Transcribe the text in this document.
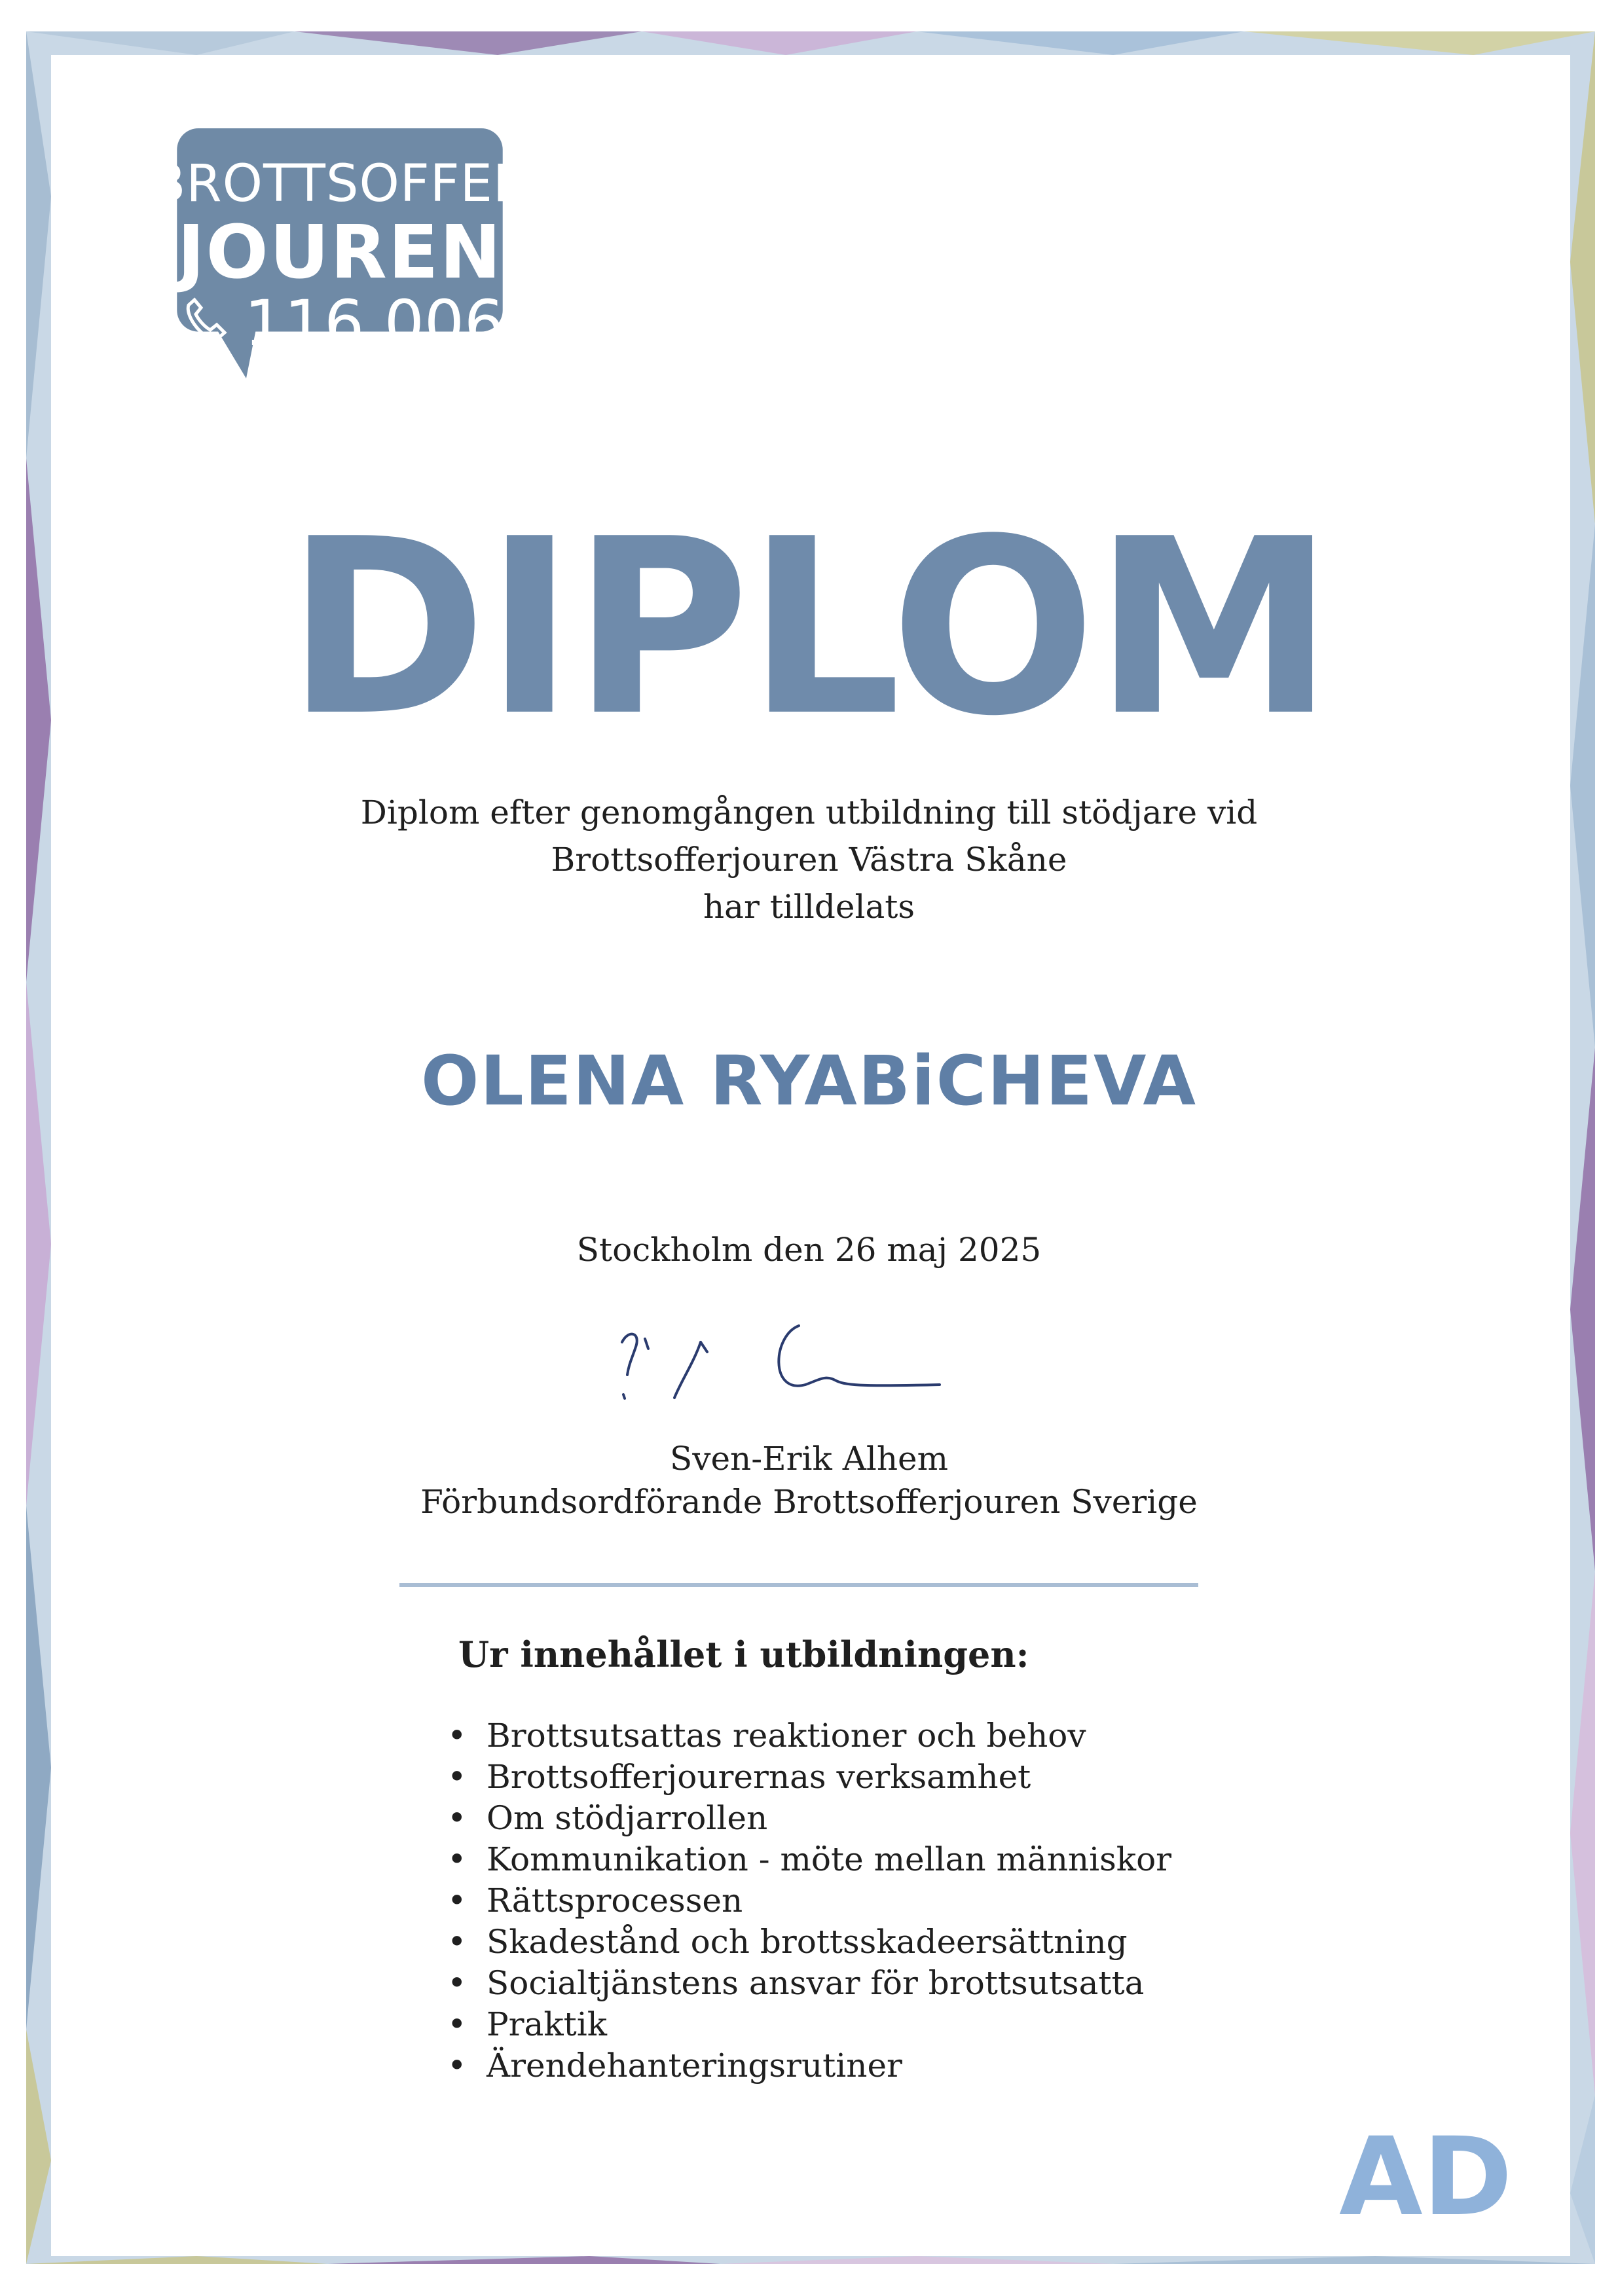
BROTTSOFFER
JOUREN
116 006
DIPLOM
Diplom efter genomgången utbildning till stödjare vid
Brottsofferjouren Västra Skåne
har tilldelats
OLENA RYABiCHEVA
Stockholm den 26 maj 2025
Sven-Erik Alhem
Förbundsordförande Brottsofferjouren Sverige
Ur innehållet i utbildningen:
• Brottsutsattas reaktioner och behov
• Brottsofferjourernas verksamhet
• Om stödjarrollen
• Kommunikation - möte mellan människor
• Rättsprocessen
• Skadestånd och brottsskadeersättning
• Socialtjänstens ansvar för brottsutsatta
• Praktik
• Ärendehanteringsrutiner
AD
